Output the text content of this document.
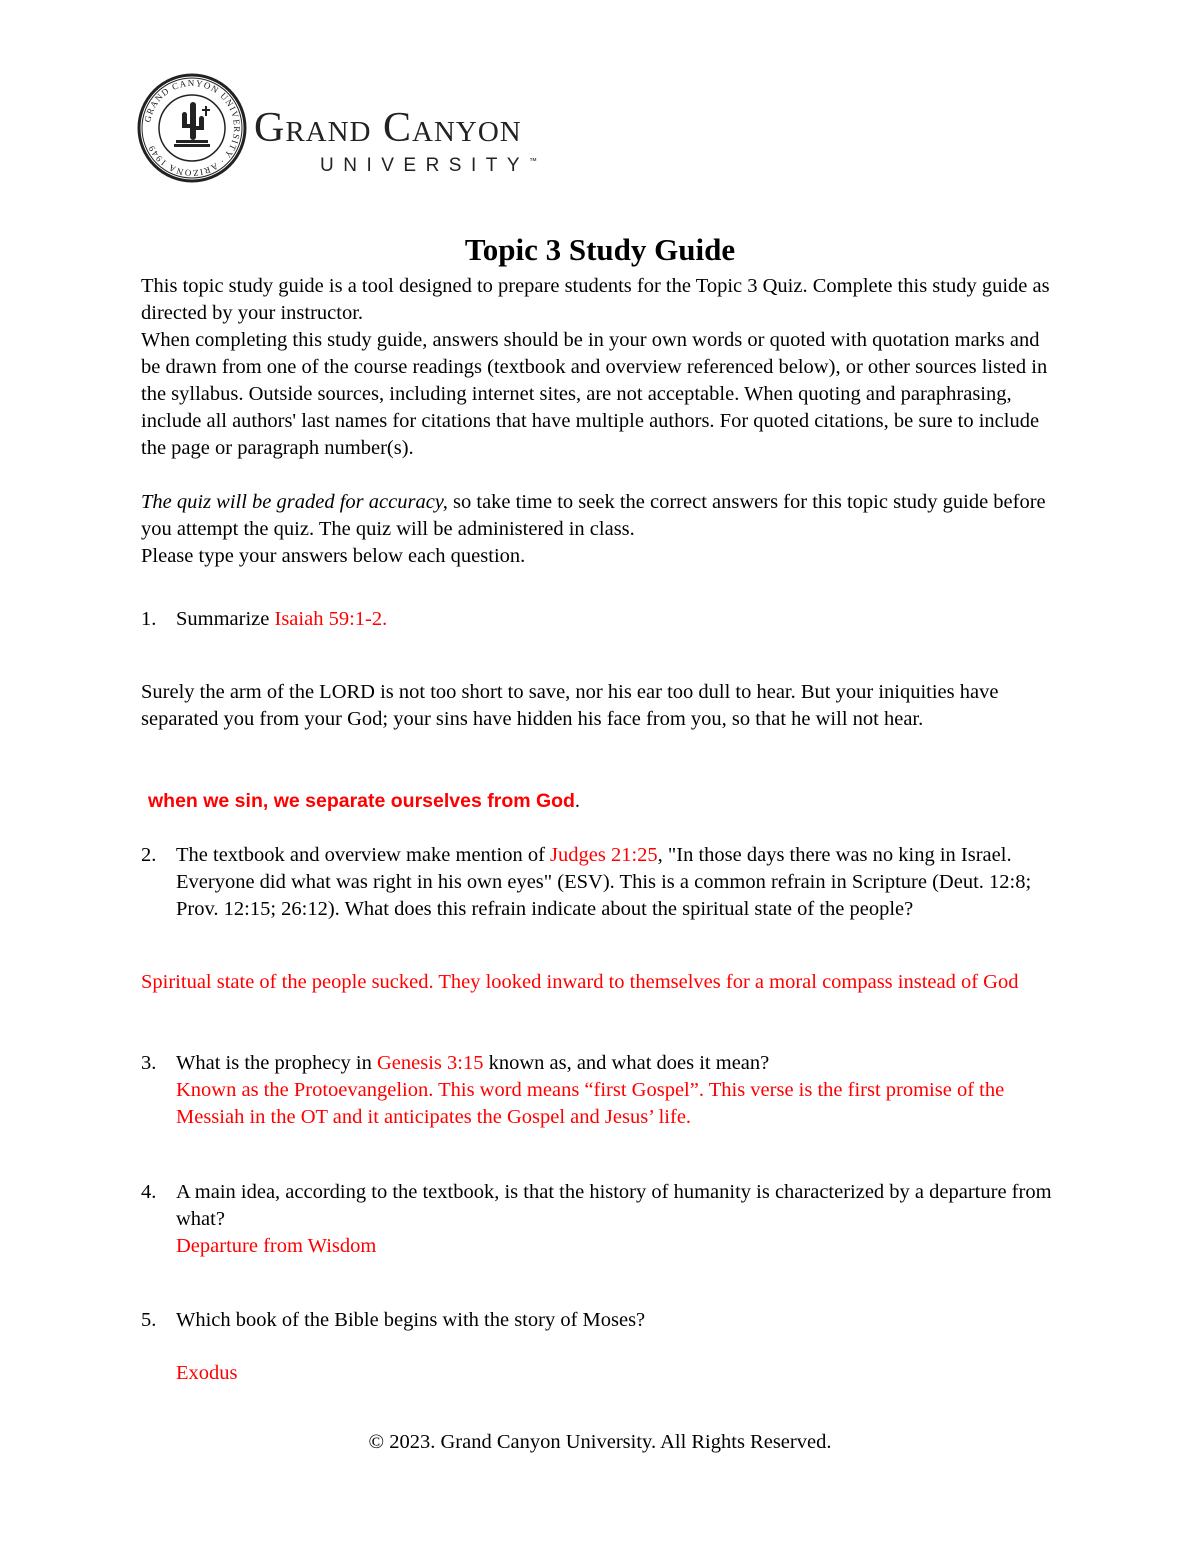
GRAND CANYON UNIVERSITY · ARIZONA 1949	Grand Canyon
UNIVERSITY™
Topic 3 Study Guide

This topic study guide is a tool designed to prepare students for the Topic 3 Quiz. Complete this study guide as directed by your instructor.

When completing this study guide, answers should be in your own words or quoted with quotation marks and be drawn from one of the course readings (textbook and overview referenced below), or other sources listed in the syllabus. Outside sources, including internet sites, are not acceptable. When quoting and paraphrasing, include all authors' last names for citations that have multiple authors. For quoted citations, be sure to include the page or paragraph number(s).

The quiz will be graded for accuracy, so take time to seek the correct answers for this topic study guide before you attempt the quiz. The quiz will be administered in class.

Please type your answers below each question.

1. Summarize Isaiah 59:1-2.

Surely the arm of the LORD is not too short to save, nor his ear too dull to hear. But your iniquities have separated you from your God; your sins have hidden his face from you, so that he will not hear.

when we sin, we separate ourselves from God.
2. The textbook and overview make mention of Judges 21:25, "In those days there was no king in Israel. Everyone did what was right in his own eyes" (ESV). This is a common refrain in Scripture (Deut. 12:8; Prov. 12:15; 26:12). What does this refrain indicate about the spiritual state of the people?

Spiritual state of the people sucked. They looked inward to themselves for a moral compass instead of God

3. What is the prophecy in Genesis 3:15 known as, and what does it mean?

Known as the Protoevangelion. This word means “first Gospel”. This verse is the first promise of the Messiah in the OT and it anticipates the Gospel and Jesus’ life.

4. A main idea, according to the textbook, is that the history of humanity is characterized by a departure from what?

Departure from Wisdom

5. Which book of the Bible begins with the story of Moses?

Exodus

© 2023. Grand Canyon University. All Rights Reserved.
